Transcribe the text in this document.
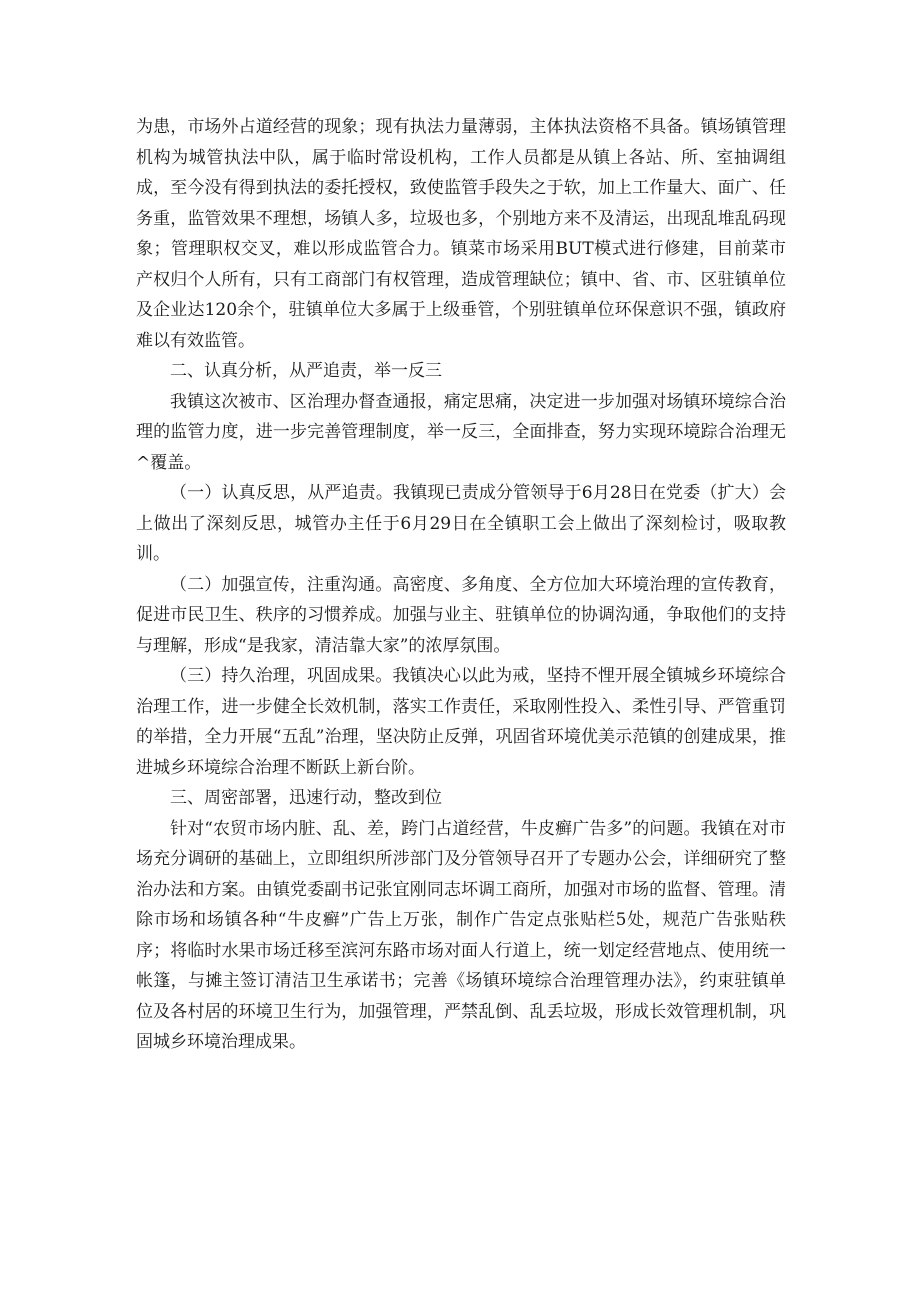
为患，市场外占道经营的现象；现有执法力量薄弱，主体执法资格不具备。镇场镇管理机构为城管执法中队，属于临时常设机构，工作人员都是从镇上各站、所、室抽调组成，至今没有得到执法的委托授权，致使监管手段失之于软，加上工作量大、面广、任务重，监管效果不理想，场镇人多，垃圾也多，个别地方来不及清运，出现乱堆乱码现象；管理职权交叉，难以形成监管合力。镇菜市场采用BUT模式进行修建，目前菜市产权归个人所有，只有工商部门有权管理，造成管理缺位；镇中、省、市、区驻镇单位及企业达120余个，驻镇单位大多属于上级垂管，个别驻镇单位环保意识不强，镇政府难以有效监管。

二、认真分析，从严追责，举一反三

我镇这次被市、区治理办督查通报，痛定思痛，决定进一步加强对场镇环境综合治理的监管力度，进一步完善管理制度，举一反三，全面排查，努力实现环境踪合治理无^覆盖。

（一）认真反思，从严追责。我镇现已责成分管领导于6月28日在党委（扩大）会上做出了深刻反思，城管办主任于6月29日在全镇职工会上做出了深刻检讨，吸取教训。

（二）加强宣传，注重沟通。高密度、多角度、全方位加大环境治理的宣传教育，促进市民卫生、秩序的习惯养成。加强与业主、驻镇单位的协调沟通，争取他们的支持与理解，形成“是我家，清洁靠大家”的浓厚氛围。

（三）持久治理，巩固成果。我镇决心以此为戒，坚持不悝开展全镇城乡环境综合治理工作，进一步健全长效机制，落实工作责任，采取刚性投入、柔性引导、严管重罚的举措，全力开展“五乱”治理，坚决防止反弹，巩固省环境优美示范镇的创建成果，推进城乡环境综合治理不断跃上新台阶。

三、周密部署，迅速行动，整改到位

针对“农贸市场内脏、乱、差，跨门占道经营，牛皮癣广告多”的问题。我镇在对市场充分调研的基础上，立即组织所涉部门及分管领导召开了专题办公会，详细研究了整治办法和方案。由镇党委副书记张宜刚同志坏调工商所，加强对市场的监督、管理。清除市场和场镇各种“牛皮癣”广告上万张，制作广告定点张贴栏5处，规范广告张贴秩序；将临时水果市场迁移至滨河东路市场对面人行道上，统一划定经营地点、使用统一帐篷，与摊主签订清洁卫生承诺书；完善《场镇环境综合治理管理办法》，约束驻镇单位及各村居的环境卫生行为，加强管理，严禁乱倒、乱丢垃圾，形成长效管理机制，巩固城乡环境治理成果。
